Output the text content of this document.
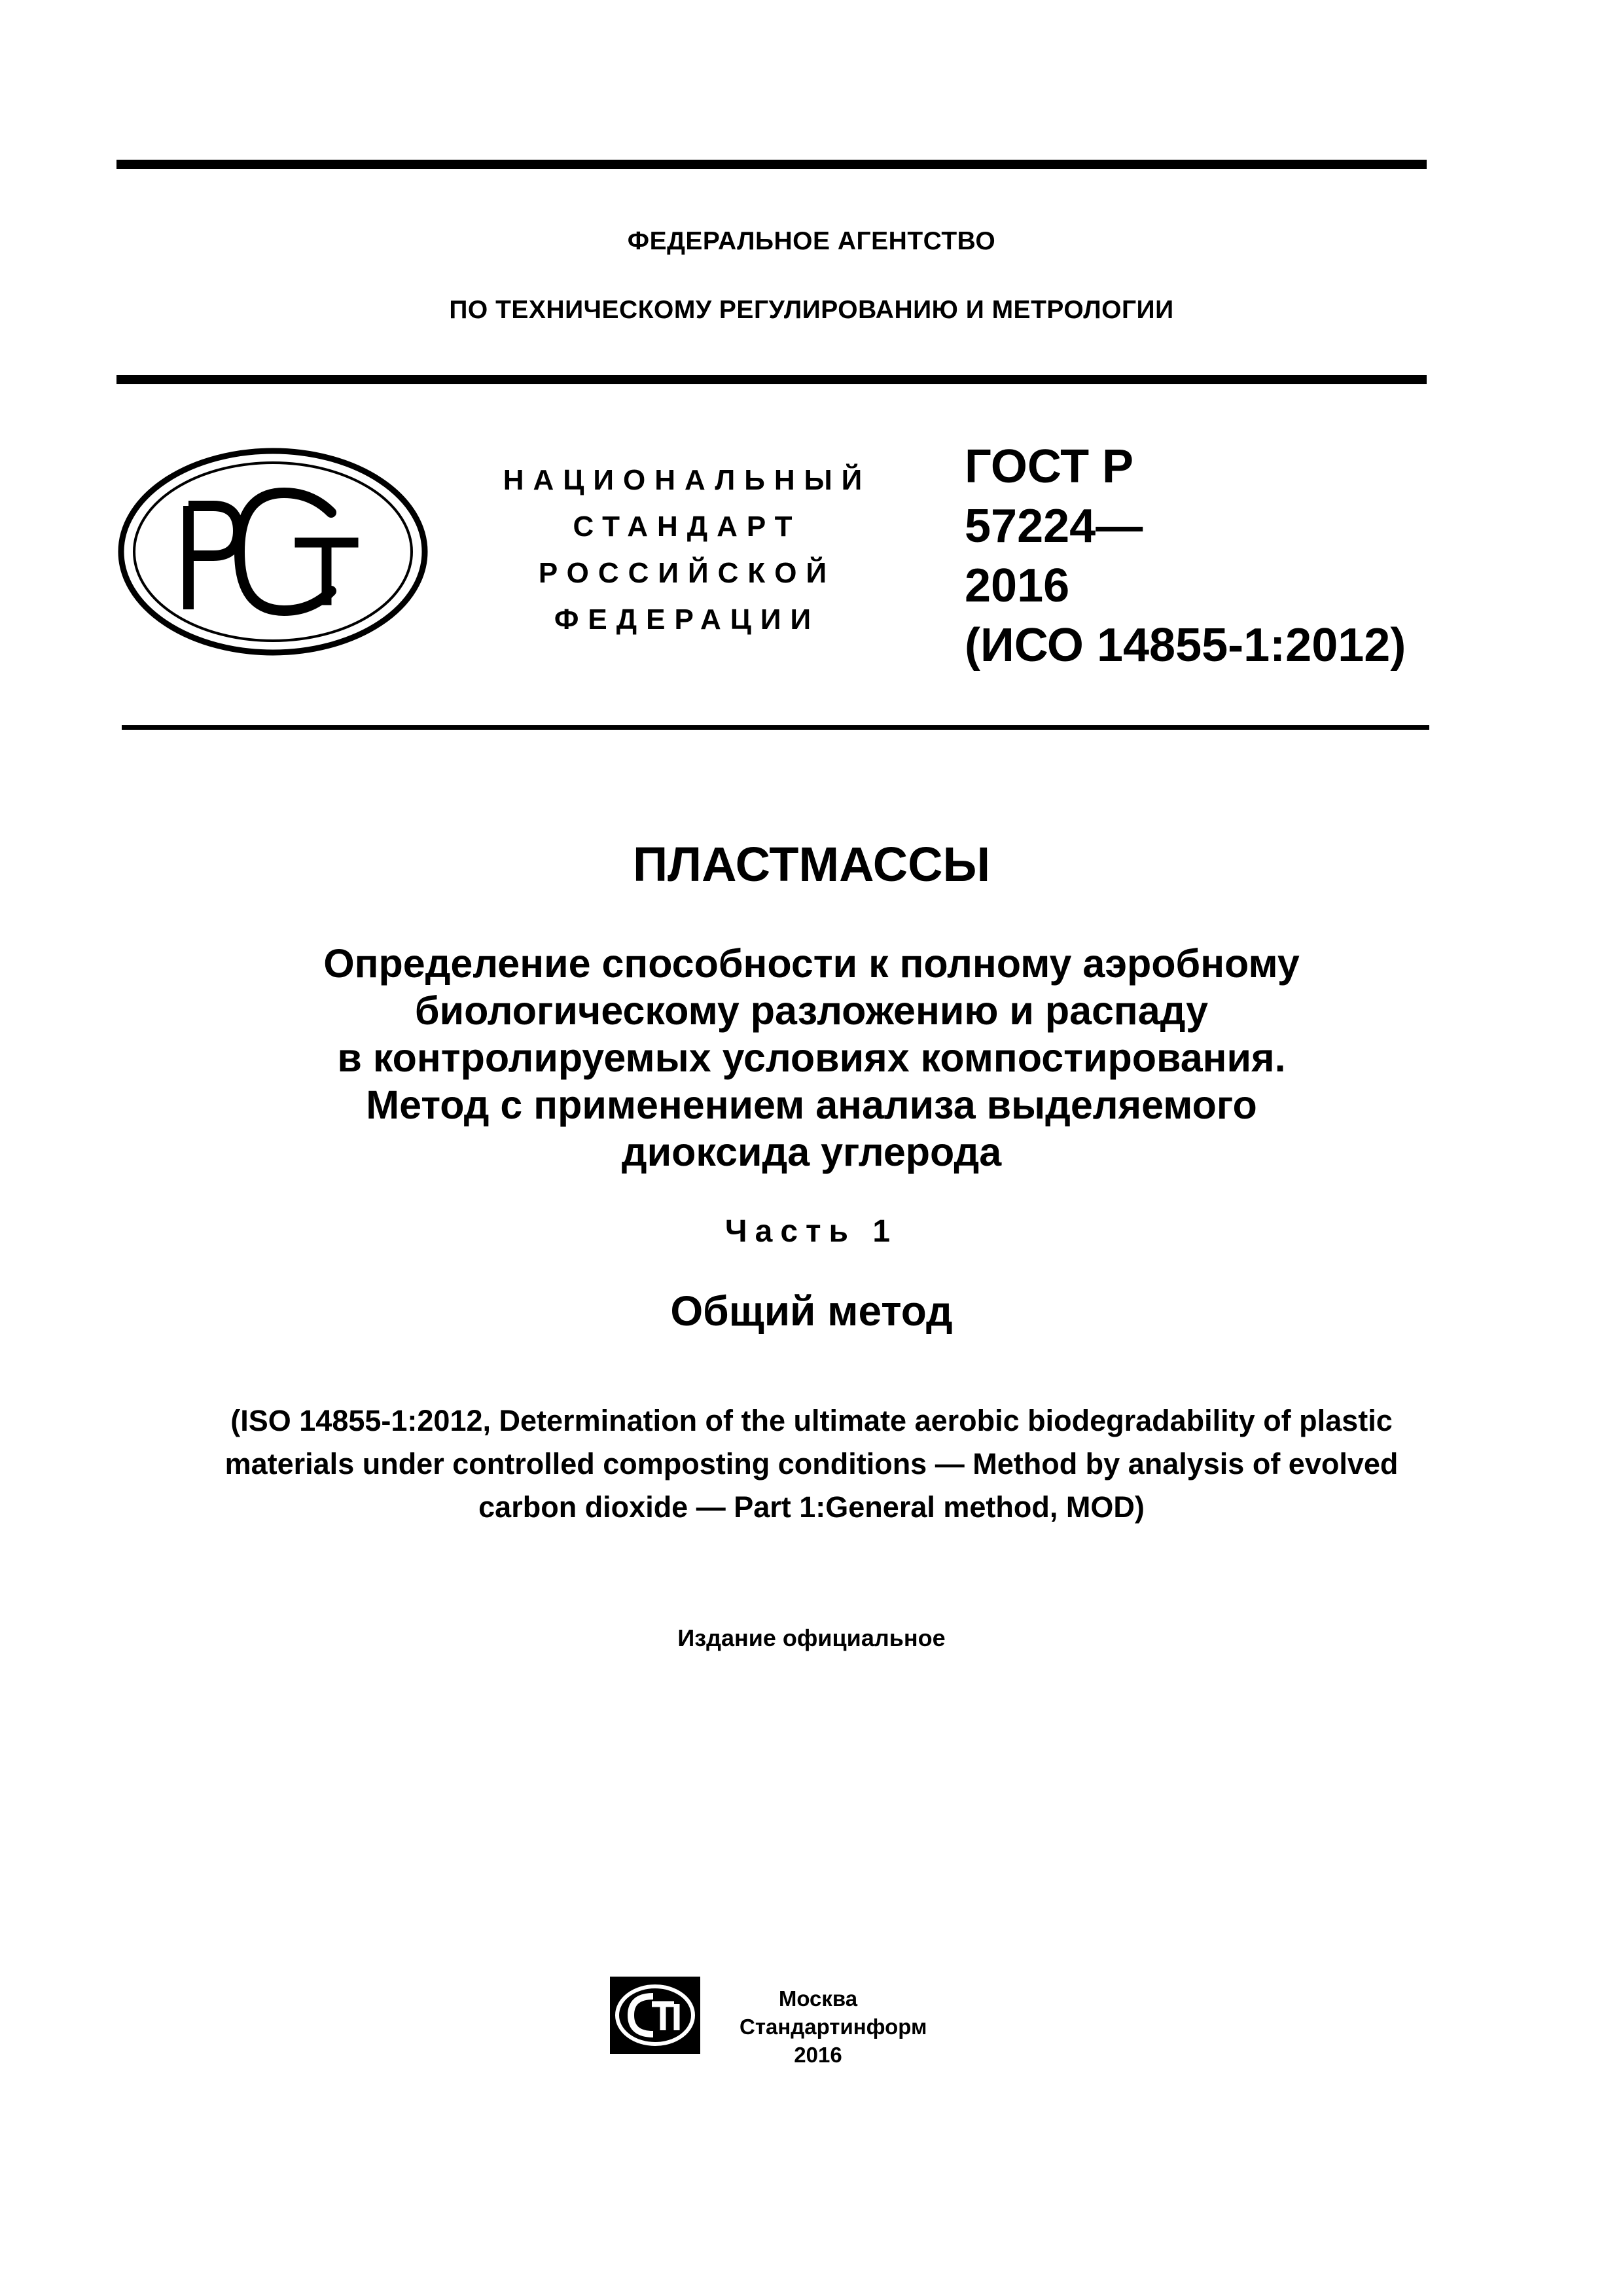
ФЕДЕРАЛЬНОЕ АГЕНТСТВО
ПО ТЕХНИЧЕСКОМУ РЕГУЛИРОВАНИЮ И МЕТРОЛОГИИ
НАЦИОНАЛЬНЫЙ
СТАНДАРТ
РОССИЙСКОЙ
ФЕДЕРАЦИИ
ГОСТ Р
57224—
2016
(ИСО 14855-1:2012)
ПЛАСТМАССЫ
Определение способности к полному аэробному
биологическому разложению и распаду
в контролируемых условиях компостирования.
Метод с применением анализа выделяемого
диоксида углерода
Часть 1
Общий метод
(ISO 14855-1:2012, Determination of the ultimate aerobic biodegradability of plastic
materials under controlled composting conditions — Method by analysis of evolved
carbon dioxide — Part 1:General method, MOD)
Издание официальное
Москва
Стандартинформ
2016
